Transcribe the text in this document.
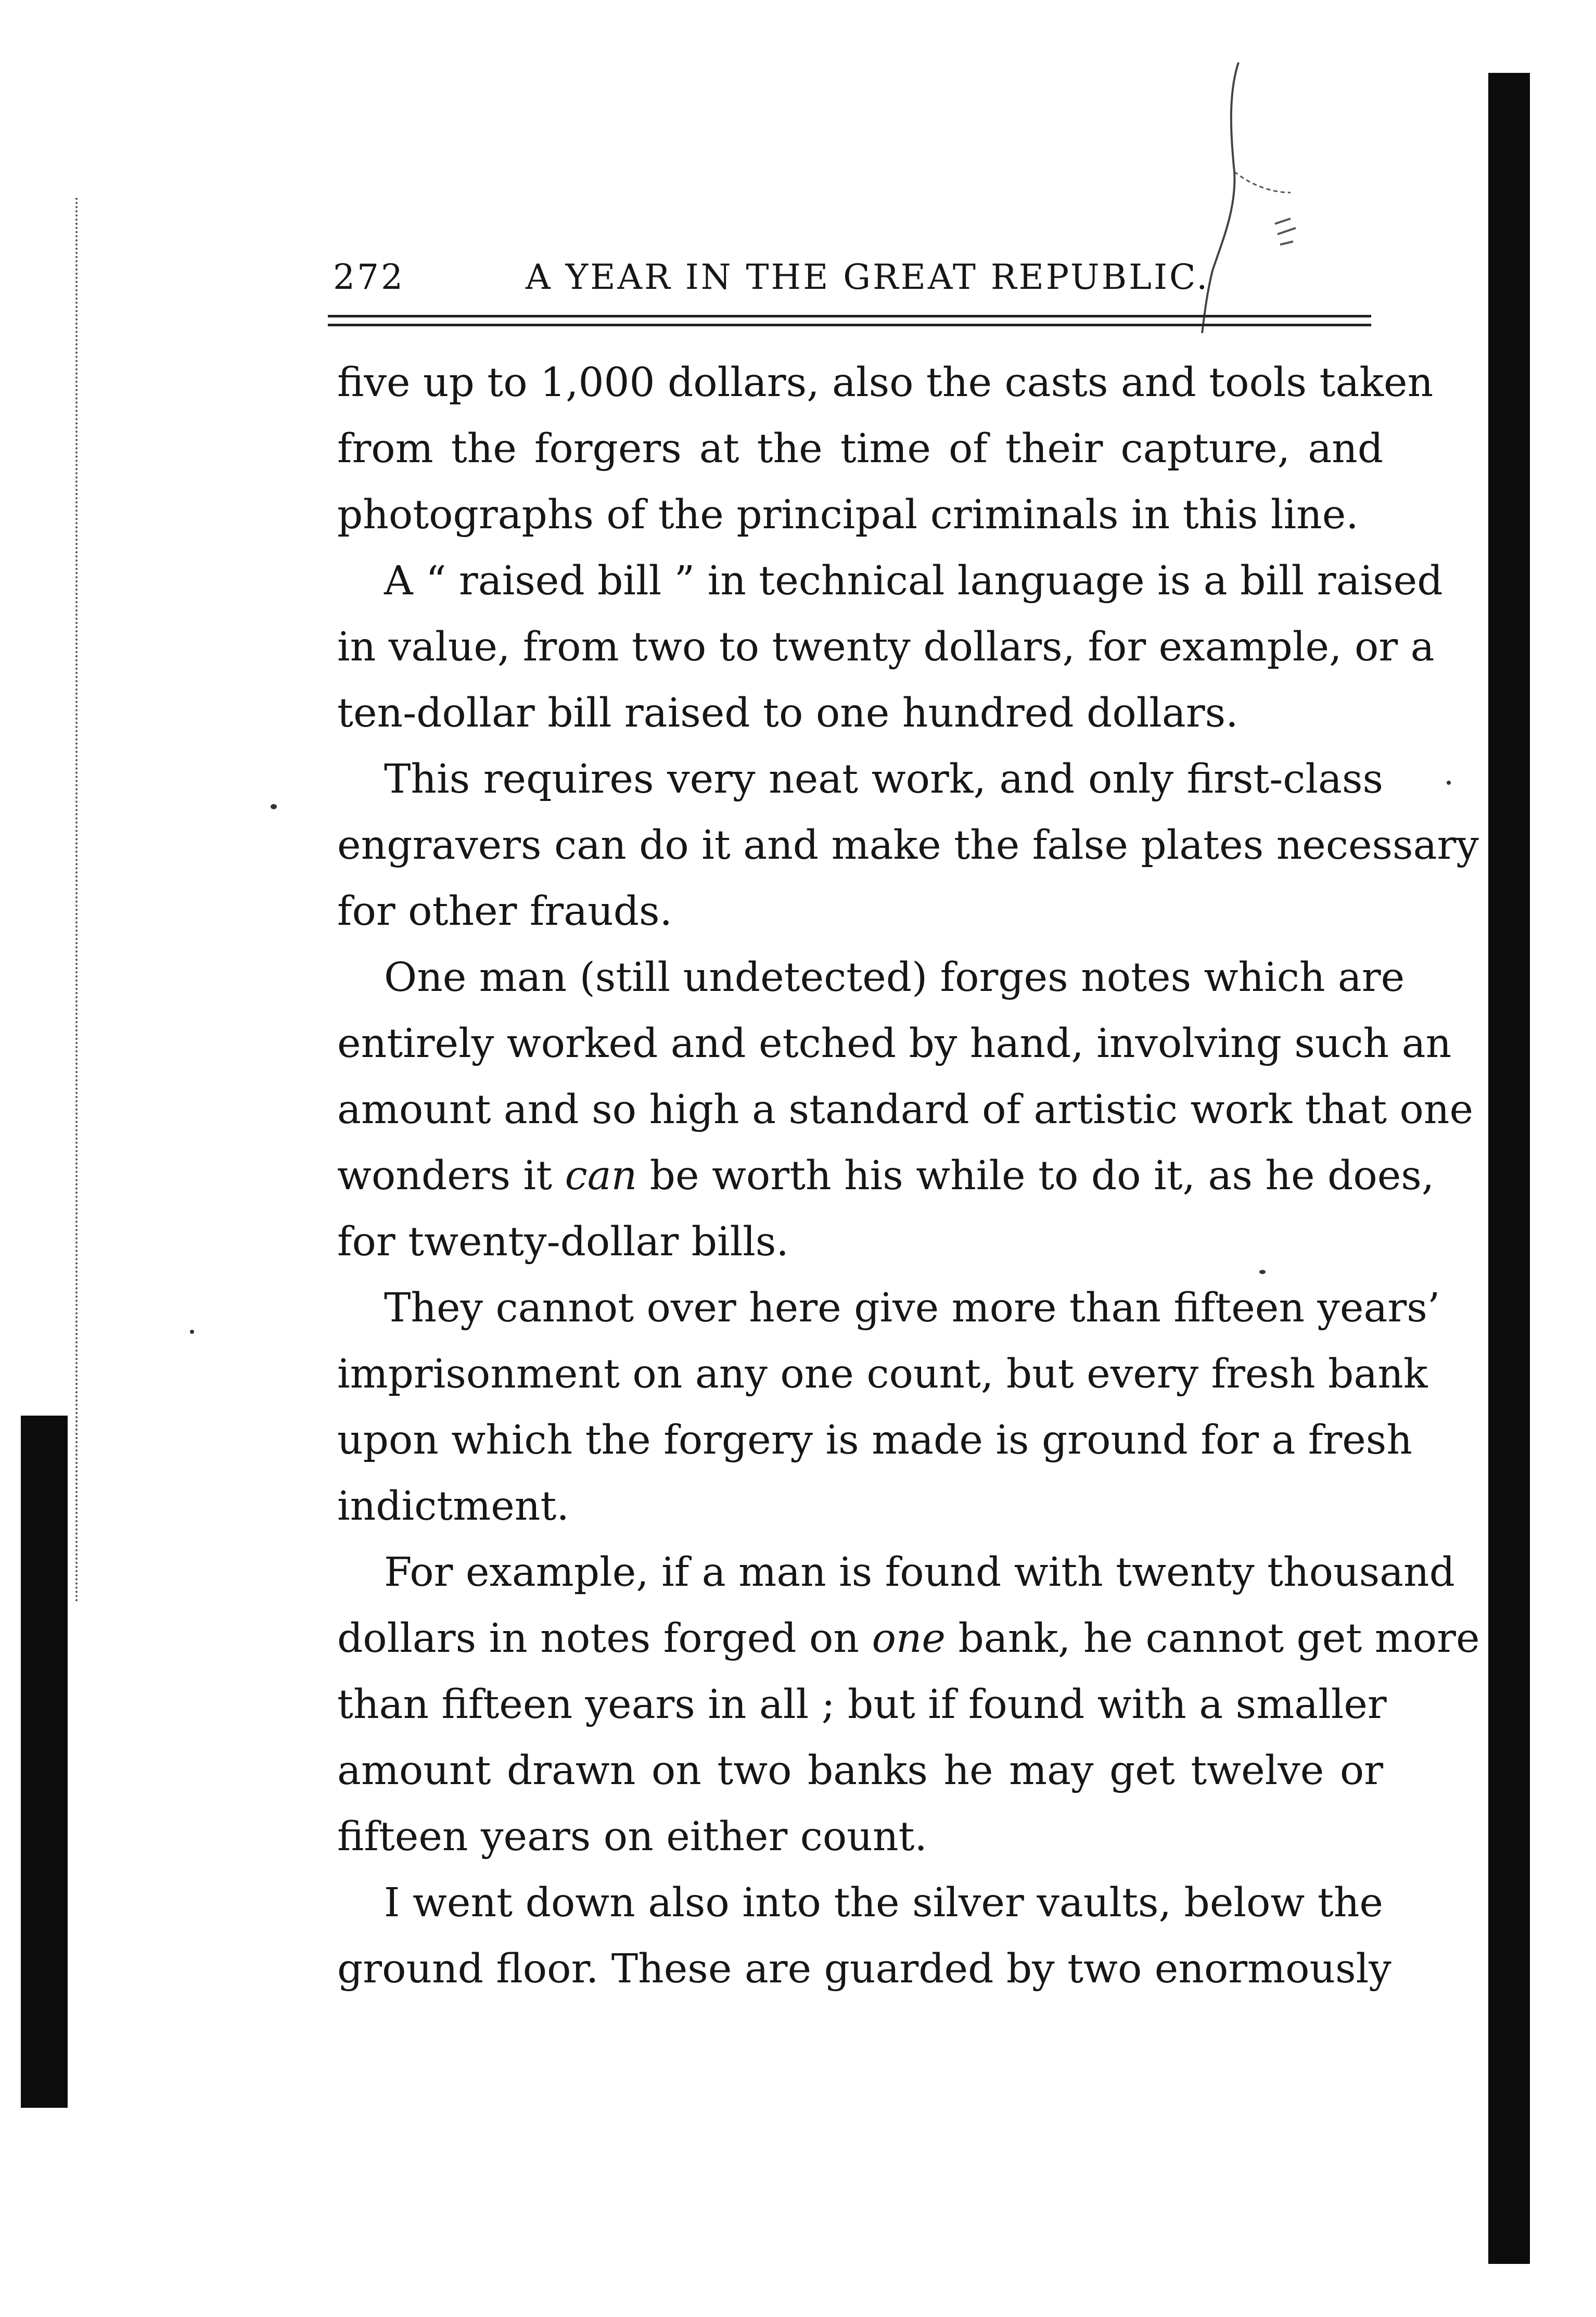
272	A YEAR IN THE GREAT REPUBLIC.
five up to 1,000 dollars, also the casts and tools taken
from the forgers at the time of their capture, and
photographs of the principal criminals in this line.
A “ raised bill ” in technical language is a bill raised
in value, from two to twenty dollars, for example, or a
ten-dollar bill raised to one hundred dollars.
This requires very neat work, and only first-class
engravers can do it and make the false plates necessary
for other frauds.
One man (still undetected) forges notes which are
entirely worked and etched by hand, involving such an
amount and so high a standard of artistic work that one
wonders it can be worth his while to do it, as he does,
for twenty-dollar bills.
They cannot over here give more than fifteen years’
imprisonment on any one count, but every fresh bank
upon which the forgery is made is ground for a fresh
indictment.
For example, if a man is found with twenty thousand
dollars in notes forged on one bank, he cannot get more
than fifteen years in all ; but if found with a smaller
amount drawn on two banks he may get twelve or
fifteen years on either count.
I went down also into the silver vaults, below the
ground floor. These are guarded by two enormously
